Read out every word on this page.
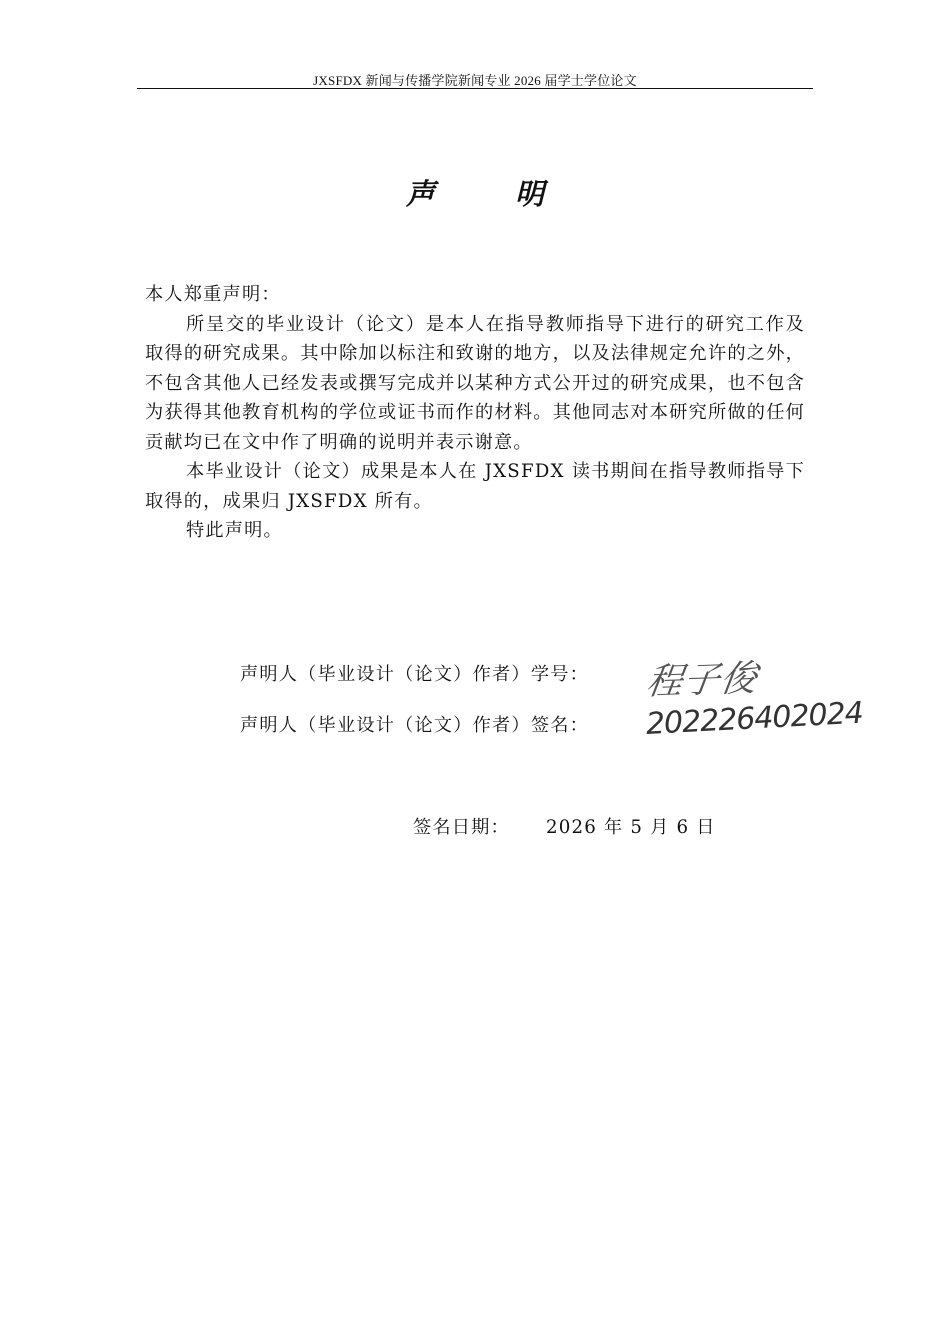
JXSFDX 新闻与传播学院新闻专业 2026 届学士学位论文
声明

本人郑重声明：

所呈交的毕业设计（论文）是本人在指导教师指导下进行的研究工作及取得的研究成果。其中除加以标注和致谢的地方，以及法律规定允许的之外，不包含其他人已经发表或撰写完成并以某种方式公开过的研究成果，也不包含为获得其他教育机构的学位或证书而作的材料。其他同志对本研究所做的任何贡献均已在文中作了明确的说明并表示谢意。

本毕业设计（论文）成果是本人在 JXSFDX 读书期间在指导教师指导下取得的，成果归 JXSFDX 所有。

特此声明。

声明人（毕业设计（论文）作者）学号： 程子俊
声明人（毕业设计（论文）作者）签名： 202226402024
签名日期： 2026 年 5 月 6 日
